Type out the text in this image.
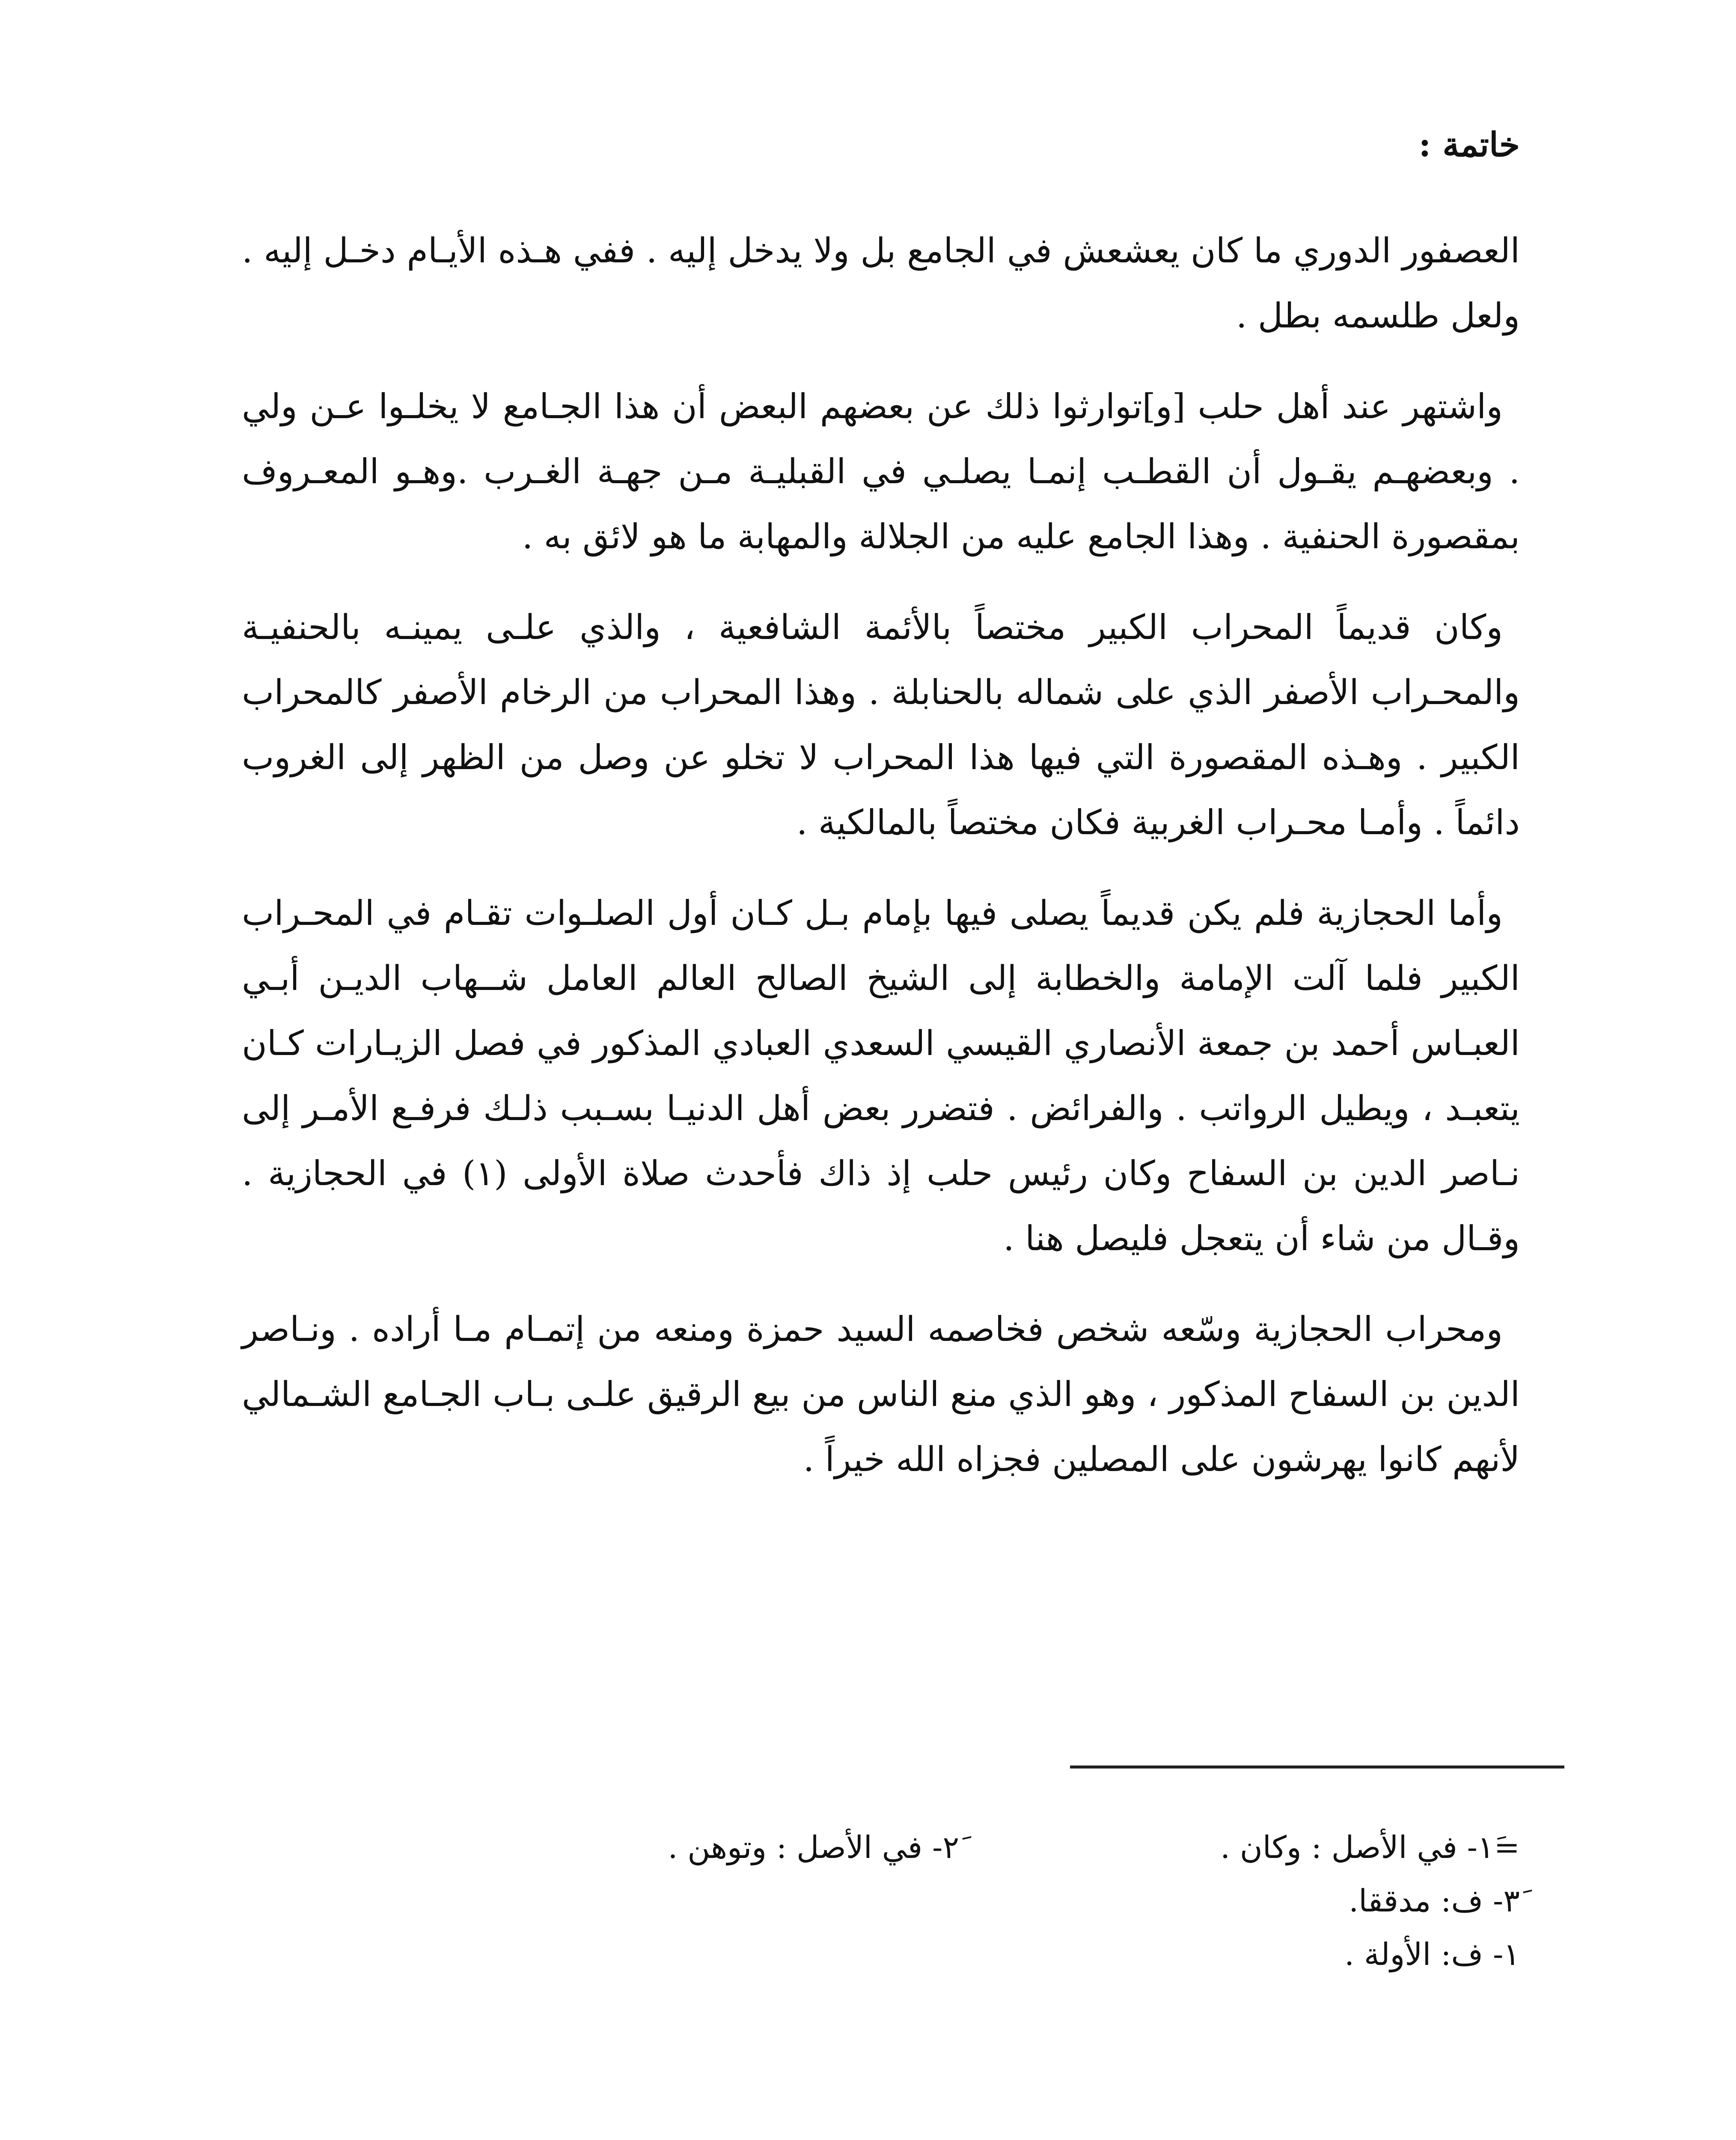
خاتمة :

العصفور الدوري ما كان يعشعش في الجامع بل ولا يدخل إليه . ففي هـذه الأيـام دخـل إليه . ولعل طلسمه بطل .

واشتهر عند أهل حلب [و]توارثوا ذلك عن بعضهم البعض أن هذا الجـامع لا يخلـوا عـن ولي . وبعضهـم يقـول أن القطـب إنمـا يصلـي في القبليـة مـن جهـة الغـرب .وهـو المعـروف بمقصورة الحنفية . وهذا الجامع عليه من الجلالة والمهابة ما هو لائق به .

وكان قديماً المحراب الكبير مختصاً بالأئمة الشافعية ، والذي علـى يمينـه بالحنفيـة والمحـراب الأصفر الذي على شماله بالحنابلة . وهذا المحراب من الرخام الأصفر كالمحراب الكبير . وهـذه المقصورة التي فيها هذا المحراب لا تخلو عن وصل من الظهر إلى الغروب دائماً . وأمـا محـراب الغربية فكان مختصاً بالمالكية .

وأما الحجازية فلم يكن قديماً يصلى فيها بإمام بـل كـان أول الصلـوات تقـام في المحـراب الكبير فلما آلت الإمامة والخطابة إلى الشيخ الصالح العالم العامل شــهاب الديـن أبـي العبـاس أحمد بن جمعة الأنصاري القيسي السعدي العبادي المذكور في فصل الزيـارات كـان يتعبـد ، ويطيل الرواتب . والفرائض . فتضرر بعض أهل الدنيـا بسـبب ذلـك فرفـع الأمـر إلى نـاصر الدين بن السفاح وكان رئيس حلب إذ ذاك فأحدث صلاة الأولى (١) في الحجازية . وقـال من شاء أن يتعجل فليصل هنا .

ومحراب الحجازية وسّعه شخص فخاصمه السيد حمزة ومنعه من إتمـام مـا أراده . ونـاصر الدين بن السفاح المذكور ، وهو الذي منع الناس من بيع الرقيق علـى بـاب الجـامع الشـمالي لأنهم كانوا يهرشون على المصلين فجزاه الله خيراً .

=١َ- في الأصل : وكان .
٢َ- في الأصل : وتوهن .
٣َ- ف: مدققا.
١- ف: الأولة .
